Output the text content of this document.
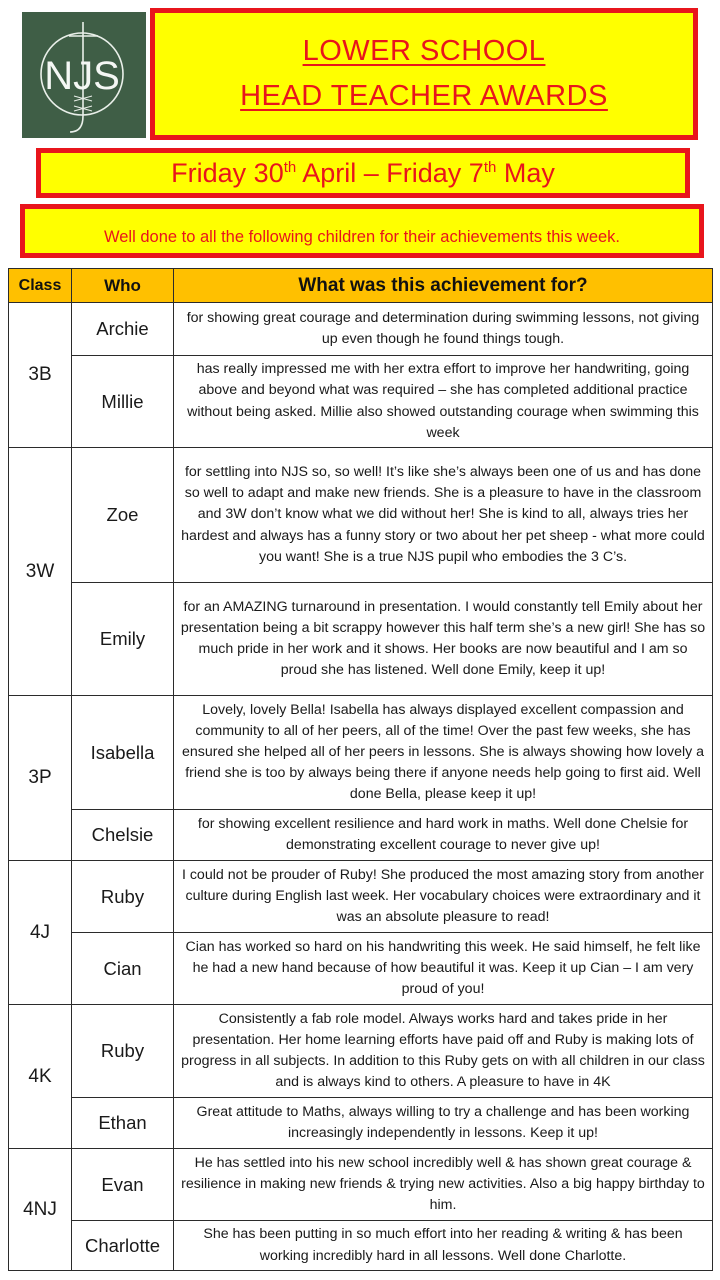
NJS
LOWER SCHOOL
HEAD TEACHER AWARDS
Friday 30th April – Friday 7th May
Well done to all the following children for their achievements this week.
Class	Who	What was this achievement for?
3B	Archie	for showing great courage and determination during swimming lessons, not giving up even though he found things tough.
	Millie	has really impressed me with her extra effort to improve her handwriting, going above and beyond what was required – she has completed additional practice without being asked. Millie also showed outstanding courage when swimming this week
3W	Zoe	for settling into NJS so, so well! It’s like she’s always been one of us and has done so well to adapt and make new friends. She is a pleasure to have in the classroom and 3W don’t know what we did without her! She is kind to all, always tries her hardest and always has a funny story or two about her pet sheep - what more could you want! She is a true NJS pupil who embodies the 3 C’s.
	Emily	for an AMAZING turnaround in presentation. I would constantly tell Emily about her presentation being a bit scrappy however this half term she’s a new girl! She has so much pride in her work and it shows. Her books are now beautiful and I am so proud she has listened. Well done Emily, keep it up!
3P	Isabella	Lovely, lovely Bella! Isabella has always displayed excellent compassion and community to all of her peers, all of the time! Over the past few weeks, she has ensured she helped all of her peers in lessons. She is always showing how lovely a friend she is too by always being there if anyone needs help going to first aid. Well done Bella, please keep it up!
	Chelsie	for showing excellent resilience and hard work in maths. Well done Chelsie for demonstrating excellent courage to never give up!
4J	Ruby	I could not be prouder of Ruby! She produced the most amazing story from another culture during English last week. Her vocabulary choices were extraordinary and it was an absolute pleasure to read!
	Cian	Cian has worked so hard on his handwriting this week. He said himself, he felt like he had a new hand because of how beautiful it was. Keep it up Cian – I am very proud of you!
4K	Ruby	Consistently a fab role model. Always works hard and takes pride in her presentation. Her home learning efforts have paid off and Ruby is making lots of progress in all subjects. In addition to this Ruby gets on with all children in our class and is always kind to others. A pleasure to have in 4K
	Ethan	Great attitude to Maths, always willing to try a challenge and has been working increasingly independently in lessons. Keep it up!
4NJ	Evan	He has settled into his new school incredibly well & has shown great courage & resilience in making new friends & trying new activities. Also a big happy birthday to him.
	Charlotte	She has been putting in so much effort into her reading & writing & has been working incredibly hard in all lessons. Well done Charlotte.
